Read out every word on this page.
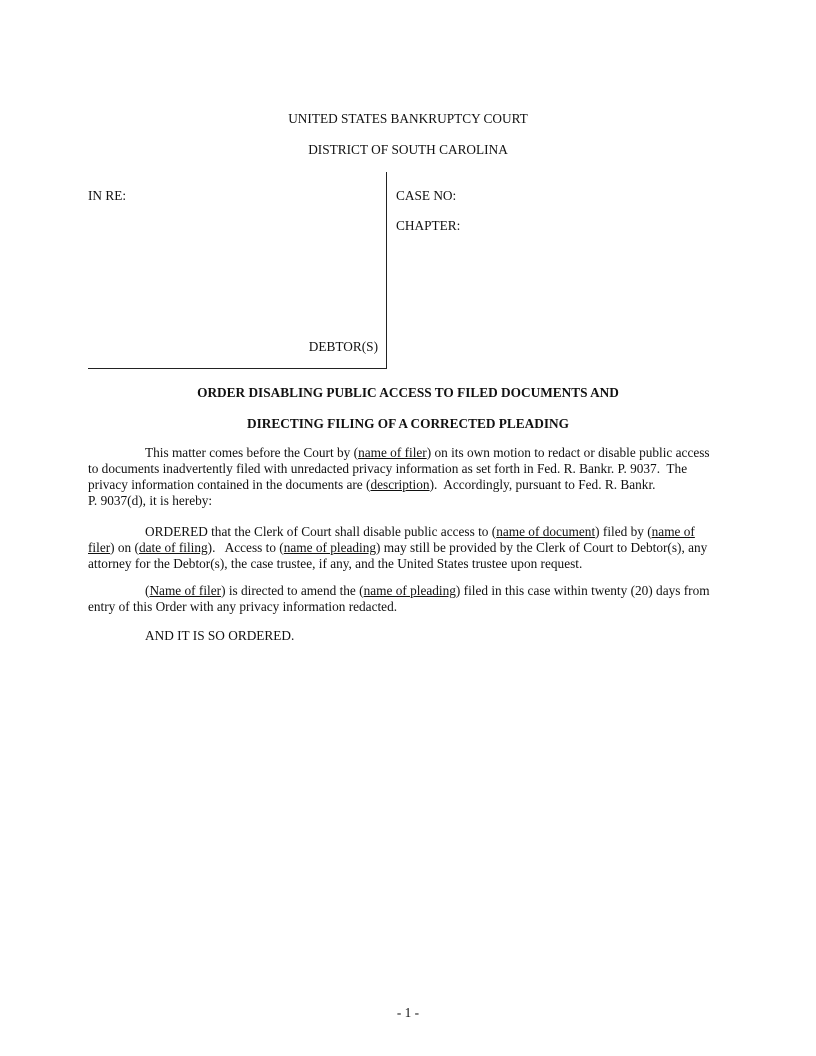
UNITED STATES BANKRUPTCY COURT
DISTRICT OF SOUTH CAROLINA
IN RE:	CASE NO:
CHAPTER:
DEBTOR(S)
ORDER DISABLING PUBLIC ACCESS TO FILED DOCUMENTS AND
DIRECTING FILING OF A CORRECTED PLEADING
This matter comes before the Court by (name of filer) on its own motion to redact or disable public access
to documents inadvertently filed with unredacted privacy information as set forth in Fed. R. Bankr. P. 9037.  The
privacy information contained in the documents are (description).  Accordingly, pursuant to Fed. R. Bankr.
P. 9037(d), it is hereby:
ORDERED that the Clerk of Court shall disable public access to (name of document) filed by (name of
filer) on (date of filing).   Access to (name of pleading) may still be provided by the Clerk of Court to Debtor(s), any
attorney for the Debtor(s), the case trustee, if any, and the United States trustee upon request.
(Name of filer) is directed to amend the (name of pleading) filed in this case within twenty (20) days from
entry of this Order with any privacy information redacted.
AND IT IS SO ORDERED.
- 1 -
